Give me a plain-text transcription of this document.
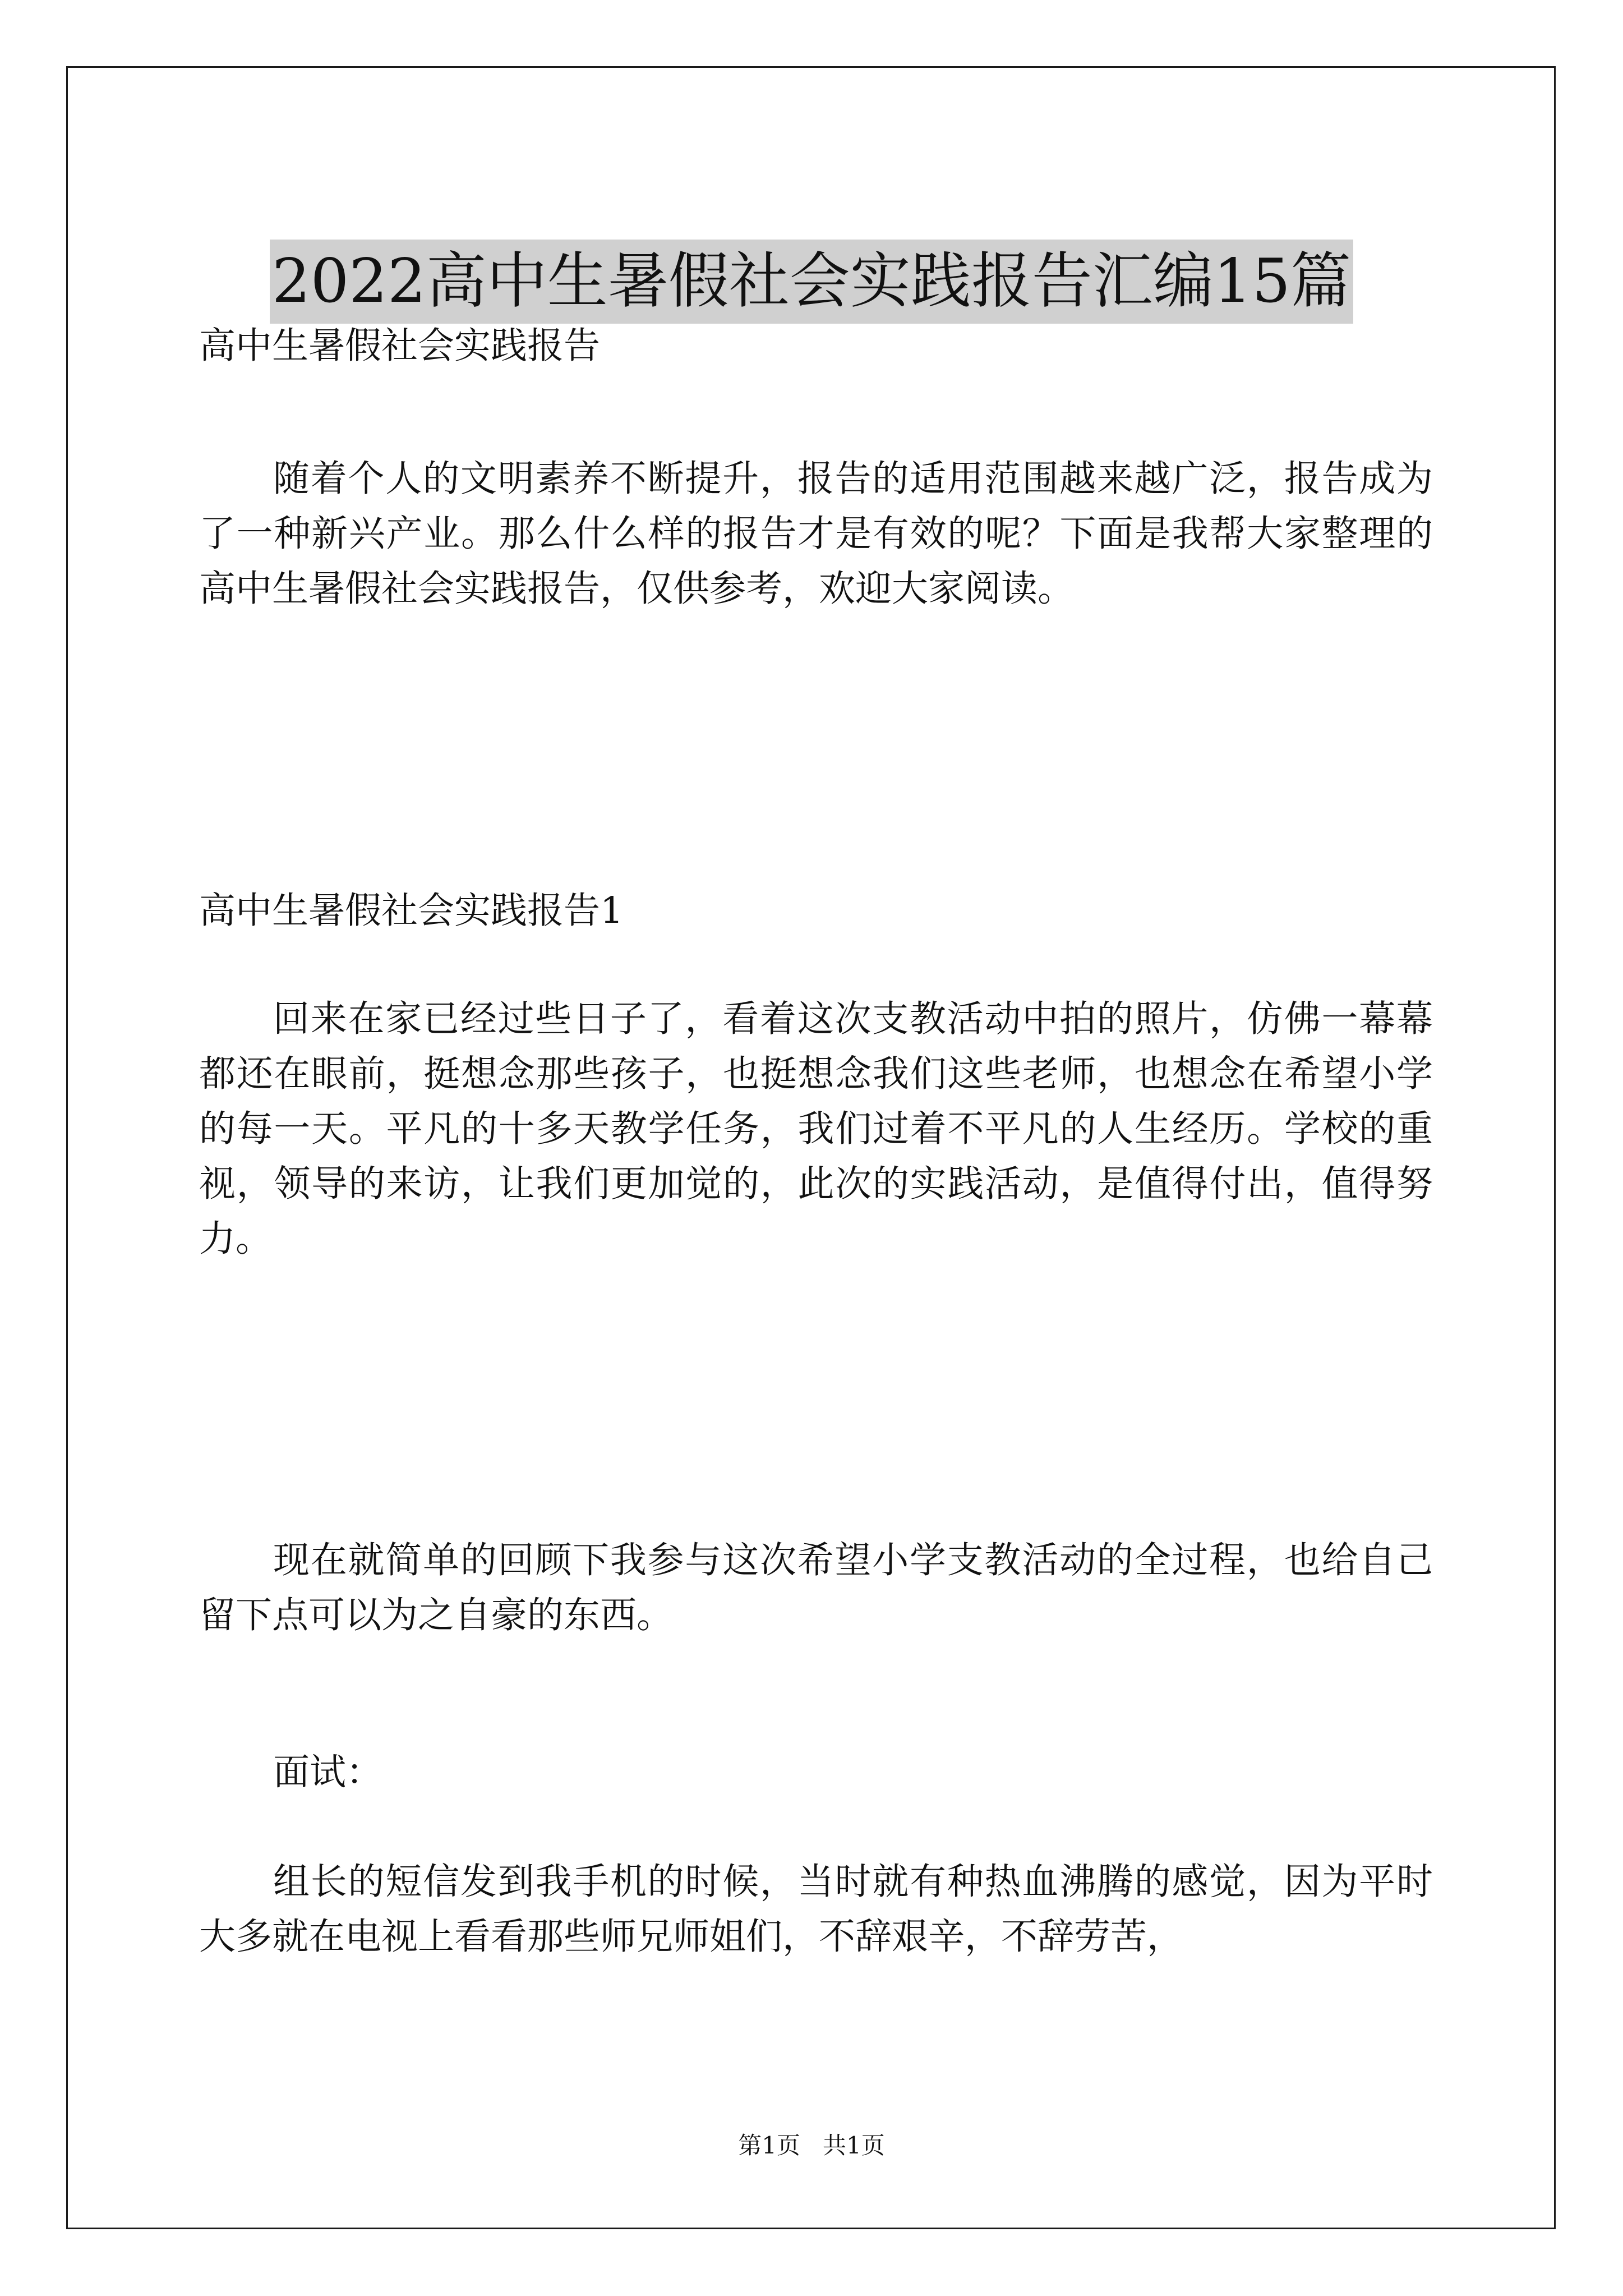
2022高中生暑假社会实践报告汇编15篇

高中生暑假社会实践报告

随着个人的文明素养不断提升，报告的适用范围越来越广泛，报告成为了一种新兴产业。那么什么样的报告才是有效的呢？下面是我帮大家整理的高中生暑假社会实践报告，仅供参考，欢迎大家阅读。

高中生暑假社会实践报告1

回来在家已经过些日子了，看着这次支教活动中拍的照片，仿佛一幕幕都还在眼前，挺想念那些孩子，也挺想念我们这些老师，也想念在希望小学的每一天。平凡的十多天教学任务，我们过着不平凡的人生经历。学校的重视，领导的来访，让我们更加觉的，此次的实践活动，是值得付出，值得努力。

现在就简单的回顾下我参与这次希望小学支教活动的全过程，也给自己留下点可以为之自豪的东西。

面试：

组长的短信发到我手机的时候，当时就有种热血沸腾的感觉，因为平时大多就在电视上看看那些师兄师姐们，不辞艰辛，不辞劳苦，

第1页 共1页
